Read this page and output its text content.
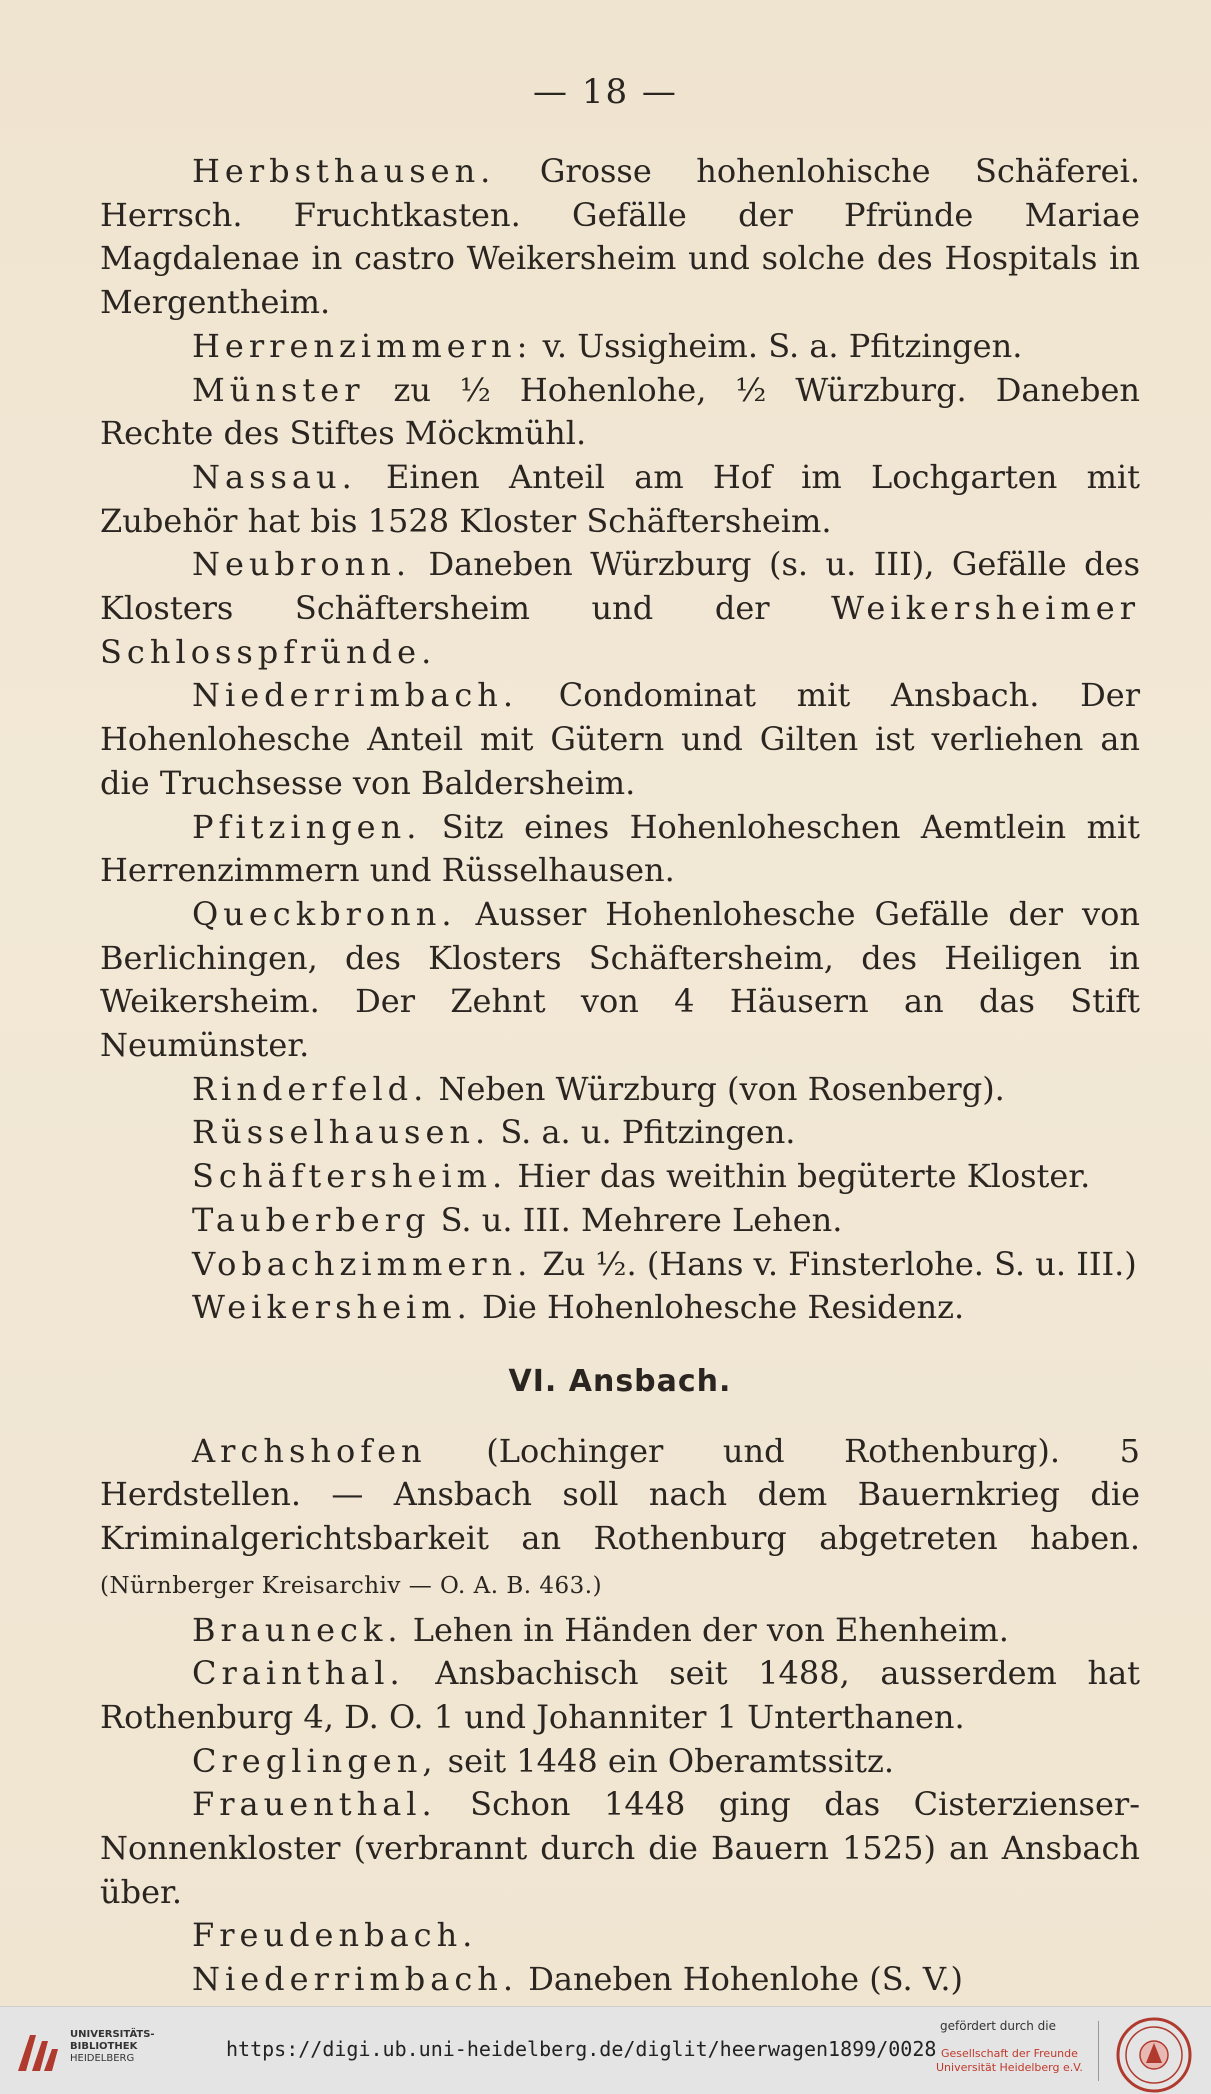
— 18 —

Herbsthausen. Grosse hohenlohische Schäferei. Herrsch. Fruchtkasten. Gefälle der Pfründe Mariae Magdalenae in castro Weikersheim und solche des Hospitals in Mergentheim.

Herrenzimmern: v. Ussigheim. S. a. Pfitzingen.

Münster zu ½ Hohenlohe, ½ Würzburg. Daneben Rechte des Stiftes Möckmühl.

Nassau. Einen Anteil am Hof im Lochgarten mit Zubehör hat bis 1528 Kloster Schäftersheim.

Neubronn. Daneben Würzburg (s. u. III), Gefälle des Klosters Schäftersheim und der Weikersheimer Schlosspfründe.

Niederrimbach. Condominat mit Ansbach. Der Hohenlohesche Anteil mit Gütern und Gilten ist verliehen an die Truchsesse von Baldersheim.

Pfitzingen. Sitz eines Hohenloheschen Aemtlein mit Herrenzimmern und Rüsselhausen.

Queckbronn. Ausser Hohenlohesche Gefälle der von Berlichingen, des Klosters Schäftersheim, des Heiligen in Weikersheim. Der Zehnt von 4 Häusern an das Stift Neumünster.

Rinderfeld. Neben Würzburg (von Rosenberg).

Rüsselhausen. S. a. u. Pfitzingen.

Schäftersheim. Hier das weithin begüterte Kloster.

Tauberberg S. u. III. Mehrere Lehen.

Vobachzimmern. Zu ½. (Hans v. Finsterlohe. S. u. III.)

Weikersheim. Die Hohenlohesche Residenz.

VI. Ansbach.

Archshofen (Lochinger und Rothenburg). 5 Herdstellen. — Ansbach soll nach dem Bauernkrieg die Kriminalgerichtsbarkeit an Rothenburg abgetreten haben. (Nürnberger Kreisarchiv — O. A. B. 463.)

Brauneck. Lehen in Händen der von Ehenheim.

Crainthal. Ansbachisch seit 1488, ausserdem hat Rothenburg 4, D. O. 1 und Johanniter 1 Unterthanen.

Creglingen, seit 1448 ein Oberamtssitz.

Frauenthal. Schon 1448 ging das Cisterzienser-Nonnenkloster (verbrannt durch die Bauern 1525) an Ansbach über.

Freudenbach.

Niederrimbach. Daneben Hohenlohe (S. V.)

UNIVERSITÄTS-
BIBLIOTHEK
HEIDELBERG	https://digi.ub.uni-heidelberg.de/diglit/heerwagen1899/0028
gefördert durch die
Gesellschaft der Freunde
Universität Heidelberg e.V.
